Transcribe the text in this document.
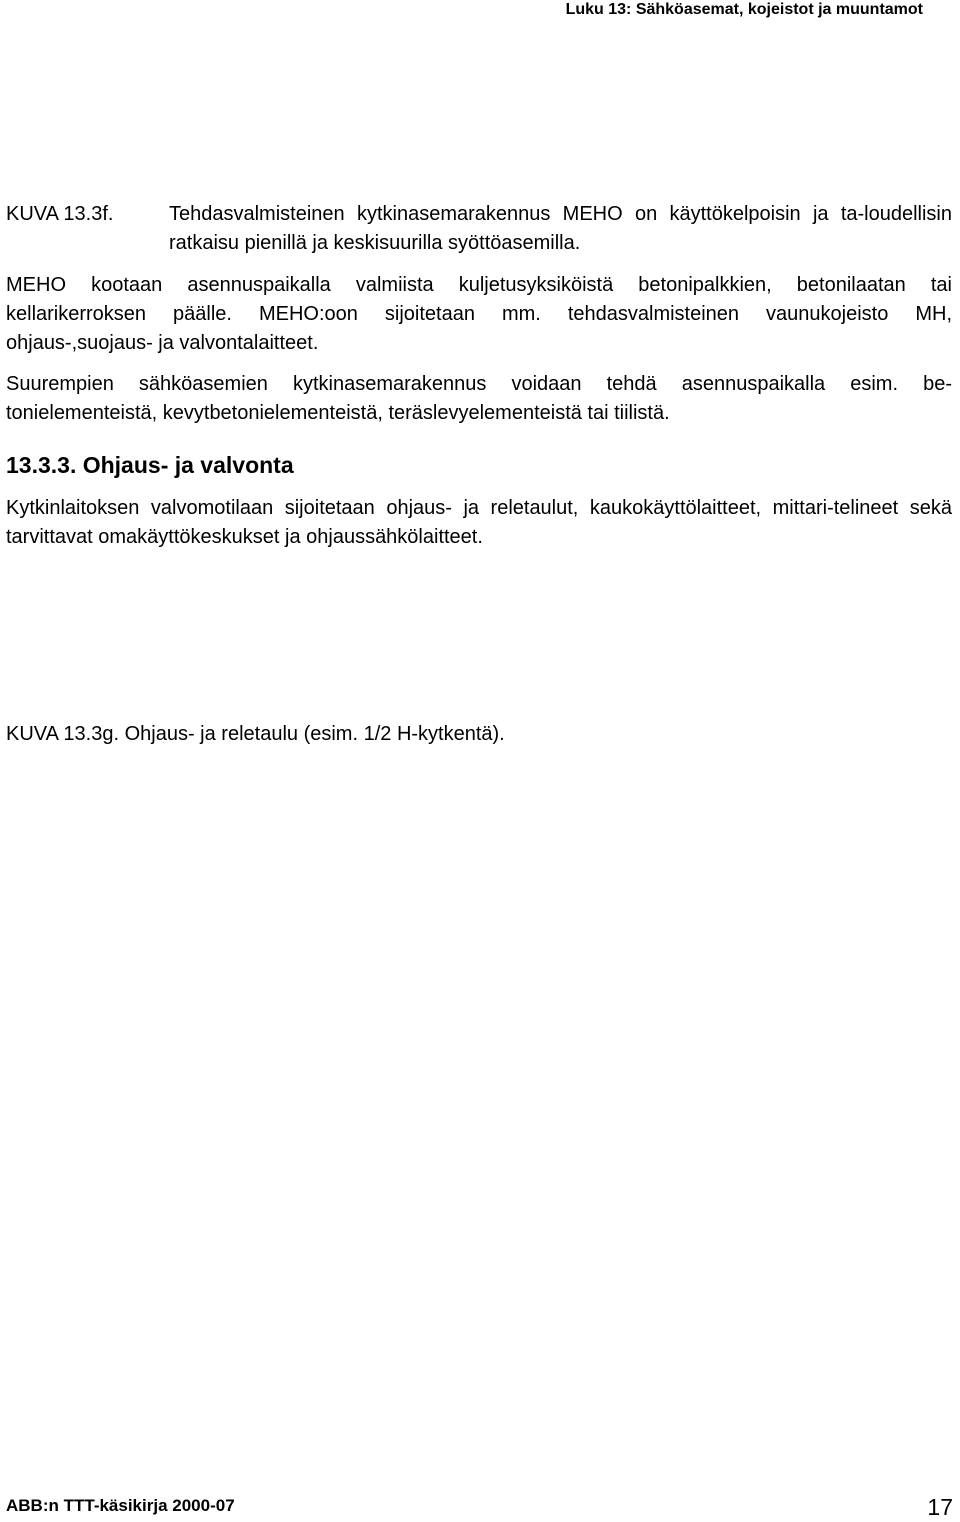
Luku 13: Sähköasemat, kojeistot ja muuntamot
KUVA 13.3f.	Tehdasvalmisteinen kytkinasemarakennus MEHO on käyttökelpoisin ja ta-loudellisin ratkaisu pienillä ja keskisuurilla syöttöasemilla.

MEHO kootaan asennuspaikalla valmiista kuljetusyksiköistä betonipalkkien, betonilaatan tai kellarikerroksen päälle. MEHO:oon sijoitetaan mm. tehdasvalmisteinen vaunukojeisto MH, ohjaus-,suojaus- ja valvontalaitteet.

Suurempien sähköasemien kytkinasemarakennus voidaan tehdä asennuspaikalla esim. be-tonielementeistä, kevytbetonielementeistä, teräslevyelementeistä tai tiilistä.

13.3.3. Ohjaus- ja valvonta

Kytkinlaitoksen valvomotilaan sijoitetaan ohjaus- ja reletaulut, kaukokäyttölaitteet, mittari-telineet sekä tarvittavat omakäyttökeskukset ja ohjaussähkölaitteet.

KUVA 13.3g. Ohjaus- ja reletaulu (esim. 1/2 H-kytkentä).
ABB:n TTT-käsikirja 2000-07	17
